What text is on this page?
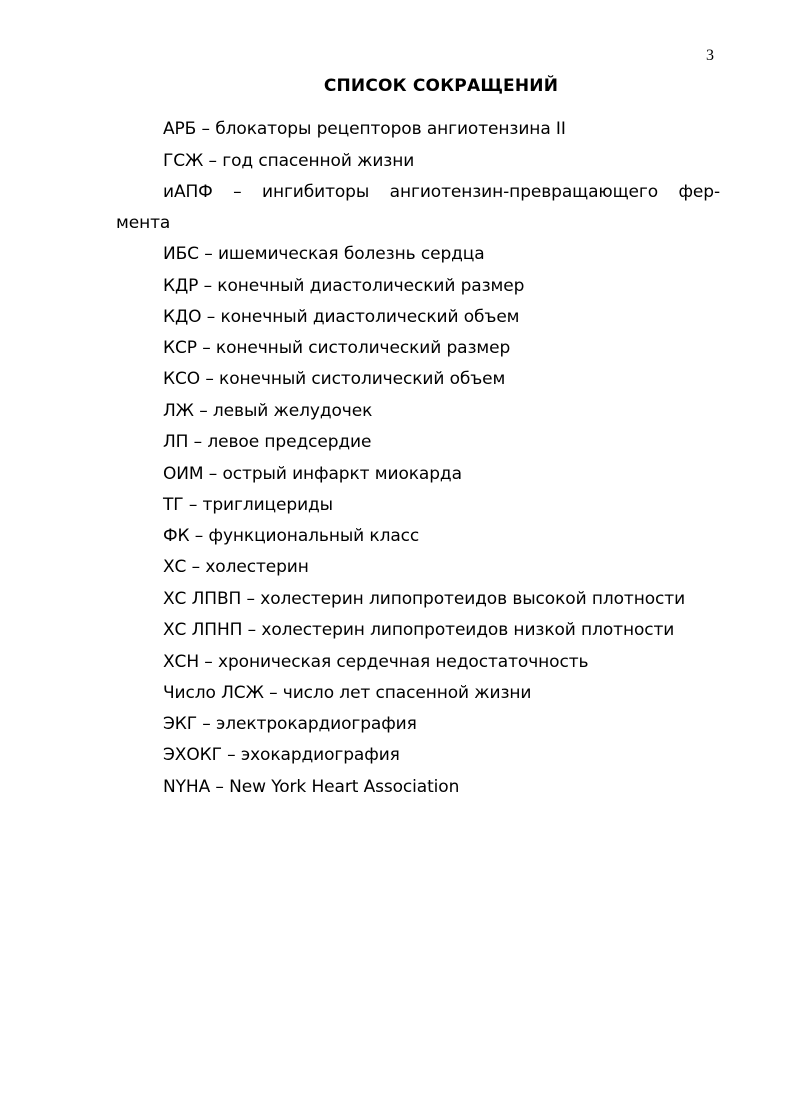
3
СПИСОК СОКРАЩЕНИЙ
АРБ – блокаторы рецепторов ангиотензина II
ГСЖ – год спасенной жизни
иАПФ – ингибиторы ангиотензин-превращающего фер-
мента
ИБС – ишемическая болезнь сердца
КДР – конечный диастолический размер
КДО – конечный диастолический объем
КСР – конечный систолический размер
КСО – конечный систолический объем
ЛЖ – левый желудочек
ЛП – левое предсердие
ОИМ – острый инфаркт миокарда
ТГ – триглицериды
ФК – функциональный класс
ХС – холестерин
ХС ЛПВП – холестерин липопротеидов высокой плотности
ХС ЛПНП – холестерин липопротеидов низкой плотности
ХСН – хроническая сердечная недостаточность
Число ЛСЖ – число лет спасенной жизни
ЭКГ – электрокардиография
ЭХОКГ – эхокардиография
NYHA – New York Heart Association
